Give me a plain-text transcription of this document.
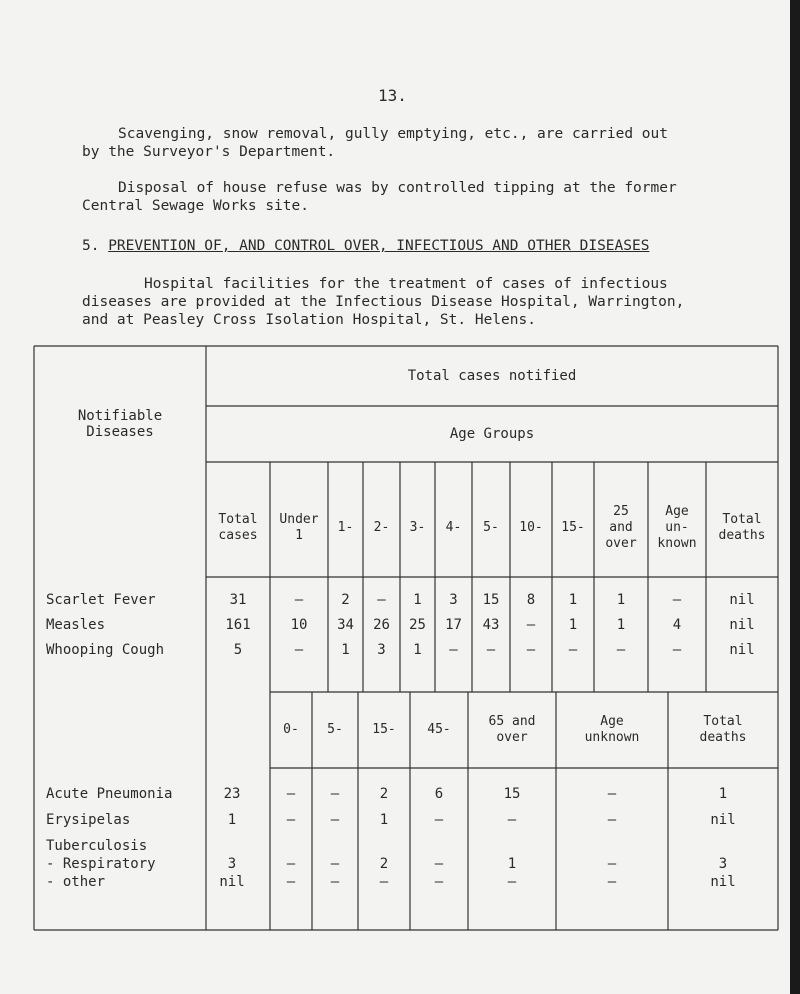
13.
Scavenging, snow removal, gully emptying, etc., are carried out
by the Surveyor's Department.
Disposal of house refuse was by controlled tipping at the former
Central Sewage Works site.
5. PREVENTION OF, AND CONTROL OVER, INFECTIOUS AND OTHER DISEASES
Hospital facilities for the treatment of cases of infectious
diseases are provided at the Infectious Disease Hospital, Warrington,
and at Peasley Cross Isolation Hospital, St. Helens.
Notifiable
Diseases
Total cases notified
Age Groups
Total
cases
Under
1
1-	2-	3-	4-	5-	10-	15-
25
and
over
Age
un-
known
Total
deaths
Scarlet Fever	31	–	2	–	1	3	15	8	1	1	–	nil
Measles	161	10	34	26	25	17	43	–	1	1	4	nil
Whooping Cough	5	–	1	3	1	–	–	–	–	–	–	nil
0-	5-	15-	45-
65 and
over
Age
unknown
Total
deaths
Acute Pneumonia	23	–	–	2	6	15	–	1
Erysipelas	1	–	–	1	–	–	–	nil
Tuberculosis
- Respiratory	3	–	–	2	–	1	–	3
- other	nil	–	–	–	–	–	–	nil
